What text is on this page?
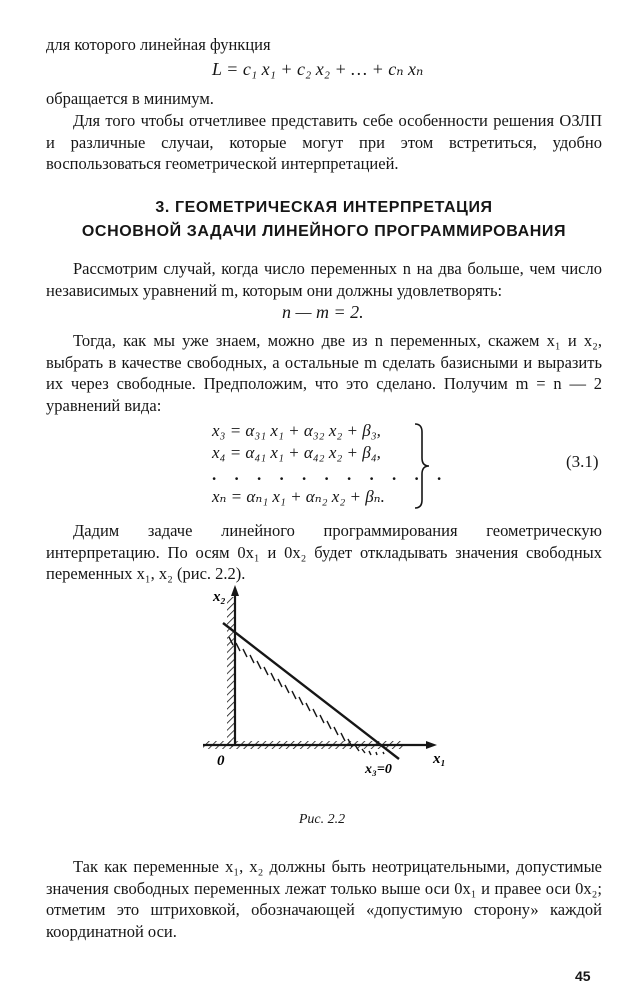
для которого линейная функция

L = c₁ x₁ + c₂ x₂ + … + cₙ xₙ

обращается в минимум.

Для того чтобы отчетливее представить себе особенности решения ОЗЛП и различные случаи, которые могут при этом встретиться, удобно воспользоваться геометрической интерпретацией.

3. ГЕОМЕТРИЧЕСКАЯ ИНТЕРПРЕТАЦИЯ
ОСНОВНОЙ ЗАДАЧИ ЛИНЕЙНОГО ПРОГРАММИРОВАНИЯ

Рассмотрим случай, когда число переменных n на два больше, чем число независимых уравнений m, которым они должны удовлетворять:

n — m = 2.

Тогда, как мы уже знаем, можно две из n переменных, скажем x₁ и x₂, выбрать в качестве свободных, а остальные m сделать базисными и выразить их через свободные. Предположим, что это сделано. Получим m = n — 2 уравнений вида:

x₃ = α₃₁ x₁ + α₃₂ x₂ + β₃,
x₄ = α₄₁ x₁ + α₄₂ x₂ + β₄,
. . . . . . . . . . .
xₙ = αₙ₁ x₁ + αₙ₂ x₂ + βₙ.
(3.1)

Дадим задаче линейного программирования геометрическую интерпретацию. По осям 0x₁ и 0x₂ будет откладывать значения свободных переменных x₁, x₂ (рис. 2.2).

x₂
x₁
0
x₃=0
Рис. 2.2

Так как переменные x₁, x₂ должны быть неотрицательными, допустимые значения свободных переменных лежат только выше оси 0x₁ и правее оси 0x₂; отметим это штриховкой, обозначающей «допустимую сторону» каждой координатной оси.

45
